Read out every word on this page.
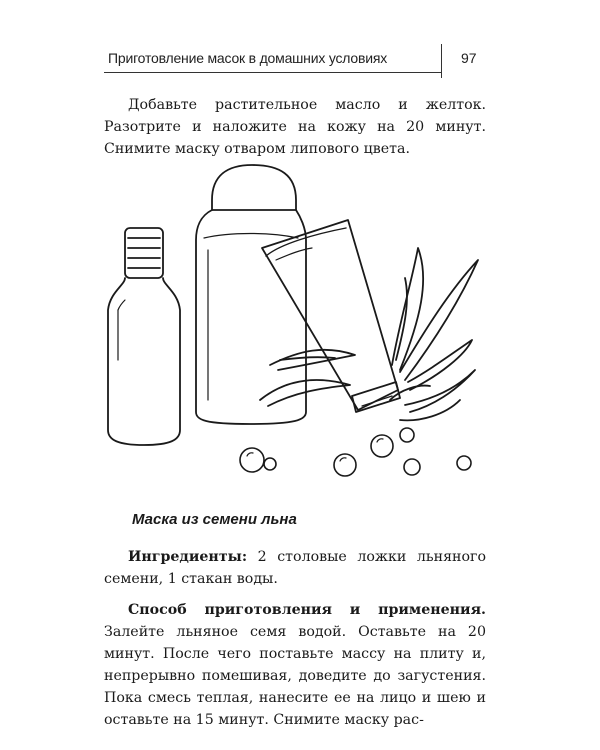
Приготовление масок в домашних условиях	97

Добавьте растительное масло и желток. Разотрите и наложите на кожу на 20 минут. Снимите маску отваром липового цвета.

Маска из семени льна

Ингредиенты: 2 столовые ложки льняного семени, 1 стакан воды.

Способ приготовления и применения. Залейте льняное семя водой. Оставьте на 20 минут. После чего поставьте массу на плиту и, непрерывно помешивая, доведите до загустения. Пока смесь теплая, нанесите ее на лицо и шею и оставьте на 15 минут. Снимите маску рас-
